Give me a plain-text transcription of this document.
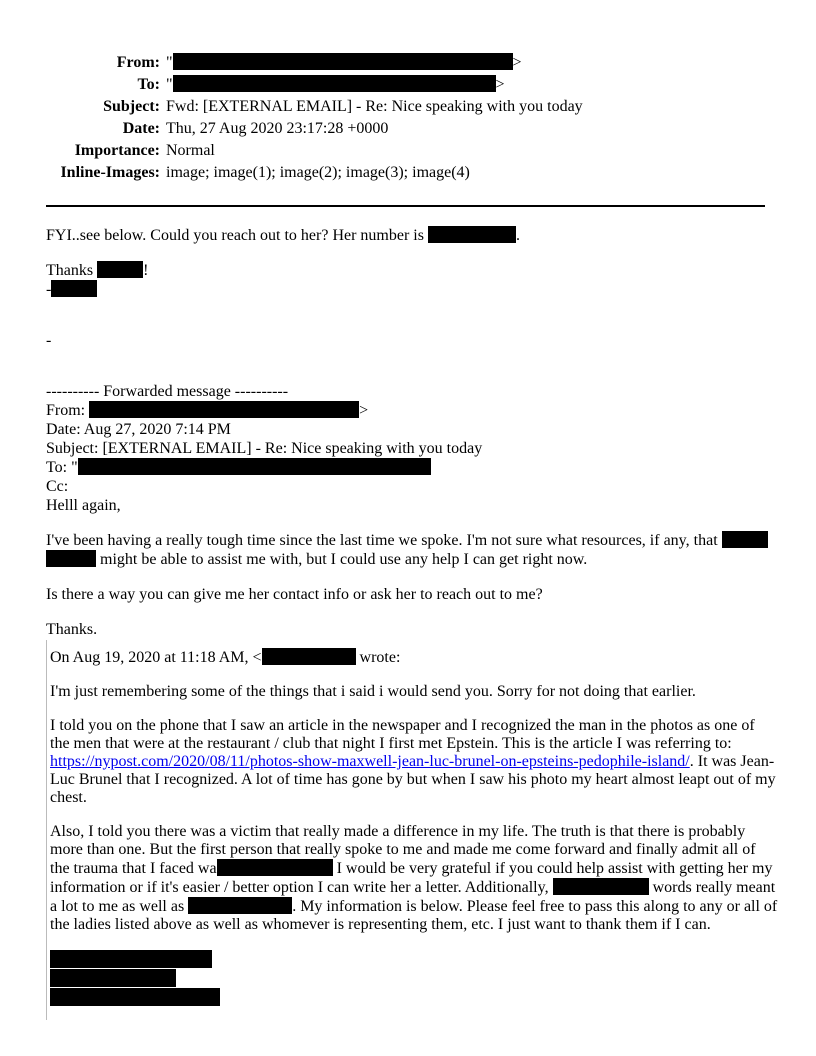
From: "	>
To: "	>
Subject: Fwd: [EXTERNAL EMAIL] - Re: Nice speaking with you today
Date: Thu, 27 Aug 2020 23:17:28 +0000
Importance: Normal
Inline-Images: image; image(1); image(2); image(3); image(4)

FYI..see below. Could you reach out to her? Her number is	.

Thanks	!

-

-

---------- Forwarded message ----------

From:	>

Date: Aug 27, 2020 7:14 PM

Subject: [EXTERNAL EMAIL] - Re: Nice speaking with you today

To: "

Cc:

Helll again,

I've been having a really tough time since the last time we spoke. I'm not sure what resources, if any, that
might be able to assist me with, but I could use any help I can get right now.

Is there a way you can give me her contact info or ask her to reach out to me?

Thanks.

On Aug 19, 2020 at 11:18 AM, <	wrote:

I'm just remembering some of the things that i said i would send you. Sorry for not doing that earlier.

I told you on the phone that I saw an article in the newspaper and I recognized the man in the photos as one of the men that were at the restaurant / club that night I first met Epstein. This is the article I was referring to: https://nypost.com/2020/08/11/photos-show-maxwell-jean-luc-brunel-on-epsteins-pedophile-island/. It was Jean-Luc Brunel that I recognized. A lot of time has gone by but when I saw his photo my heart almost leapt out of my chest.

Also, I told you there was a victim that really made a difference in my life. The truth is that there is probably more than one. But the first person that really spoke to me and made me come forward and finally admit all of the trauma that I faced wa	I would be very grateful if you could help assist with getting her my information or if it's easier / better option I can write her a letter. Additionally,	words really meant a lot to me as well as	. My information is below. Please feel free to pass this along to any or all of the ladies listed above as well as whomever is representing them, etc. I just want to thank them if I can.
